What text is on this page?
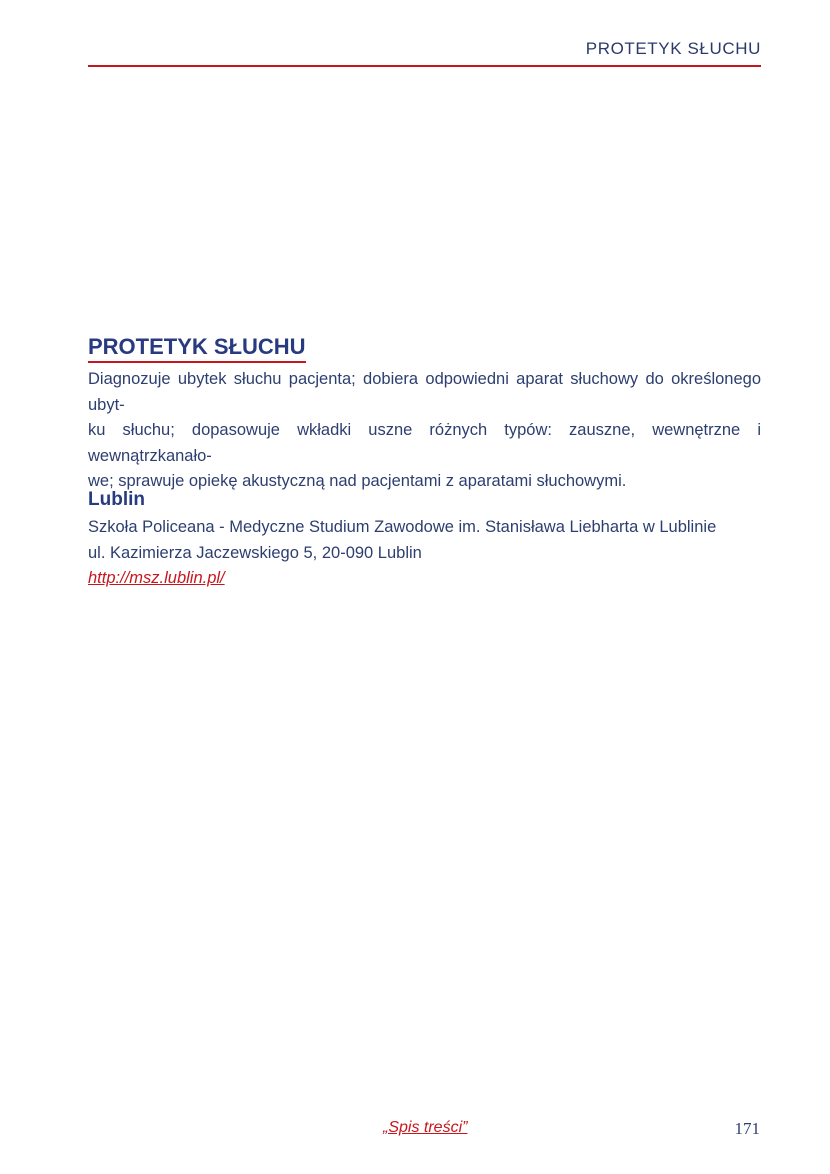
PROTETYK SŁUCHU
PROTETYK SŁUCHU
Diagnozuje ubytek słuchu pacjenta; dobiera odpowiedni aparat słuchowy do określonego ubyt-
ku słuchu; dopasowuje wkładki uszne różnych typów: zauszne, wewnętrzne i wewnątrzkanało-
we; sprawuje opiekę akustyczną nad pacjentami z aparatami słuchowymi.
Lublin
Szkoła Policeana - Medyczne Studium Zawodowe im. Stanisława Liebharta w Lublinie
ul. Kazimierza Jaczewskiego 5, 20-090 Lublin
http://msz.lublin.pl/
„Spis treści”	171
